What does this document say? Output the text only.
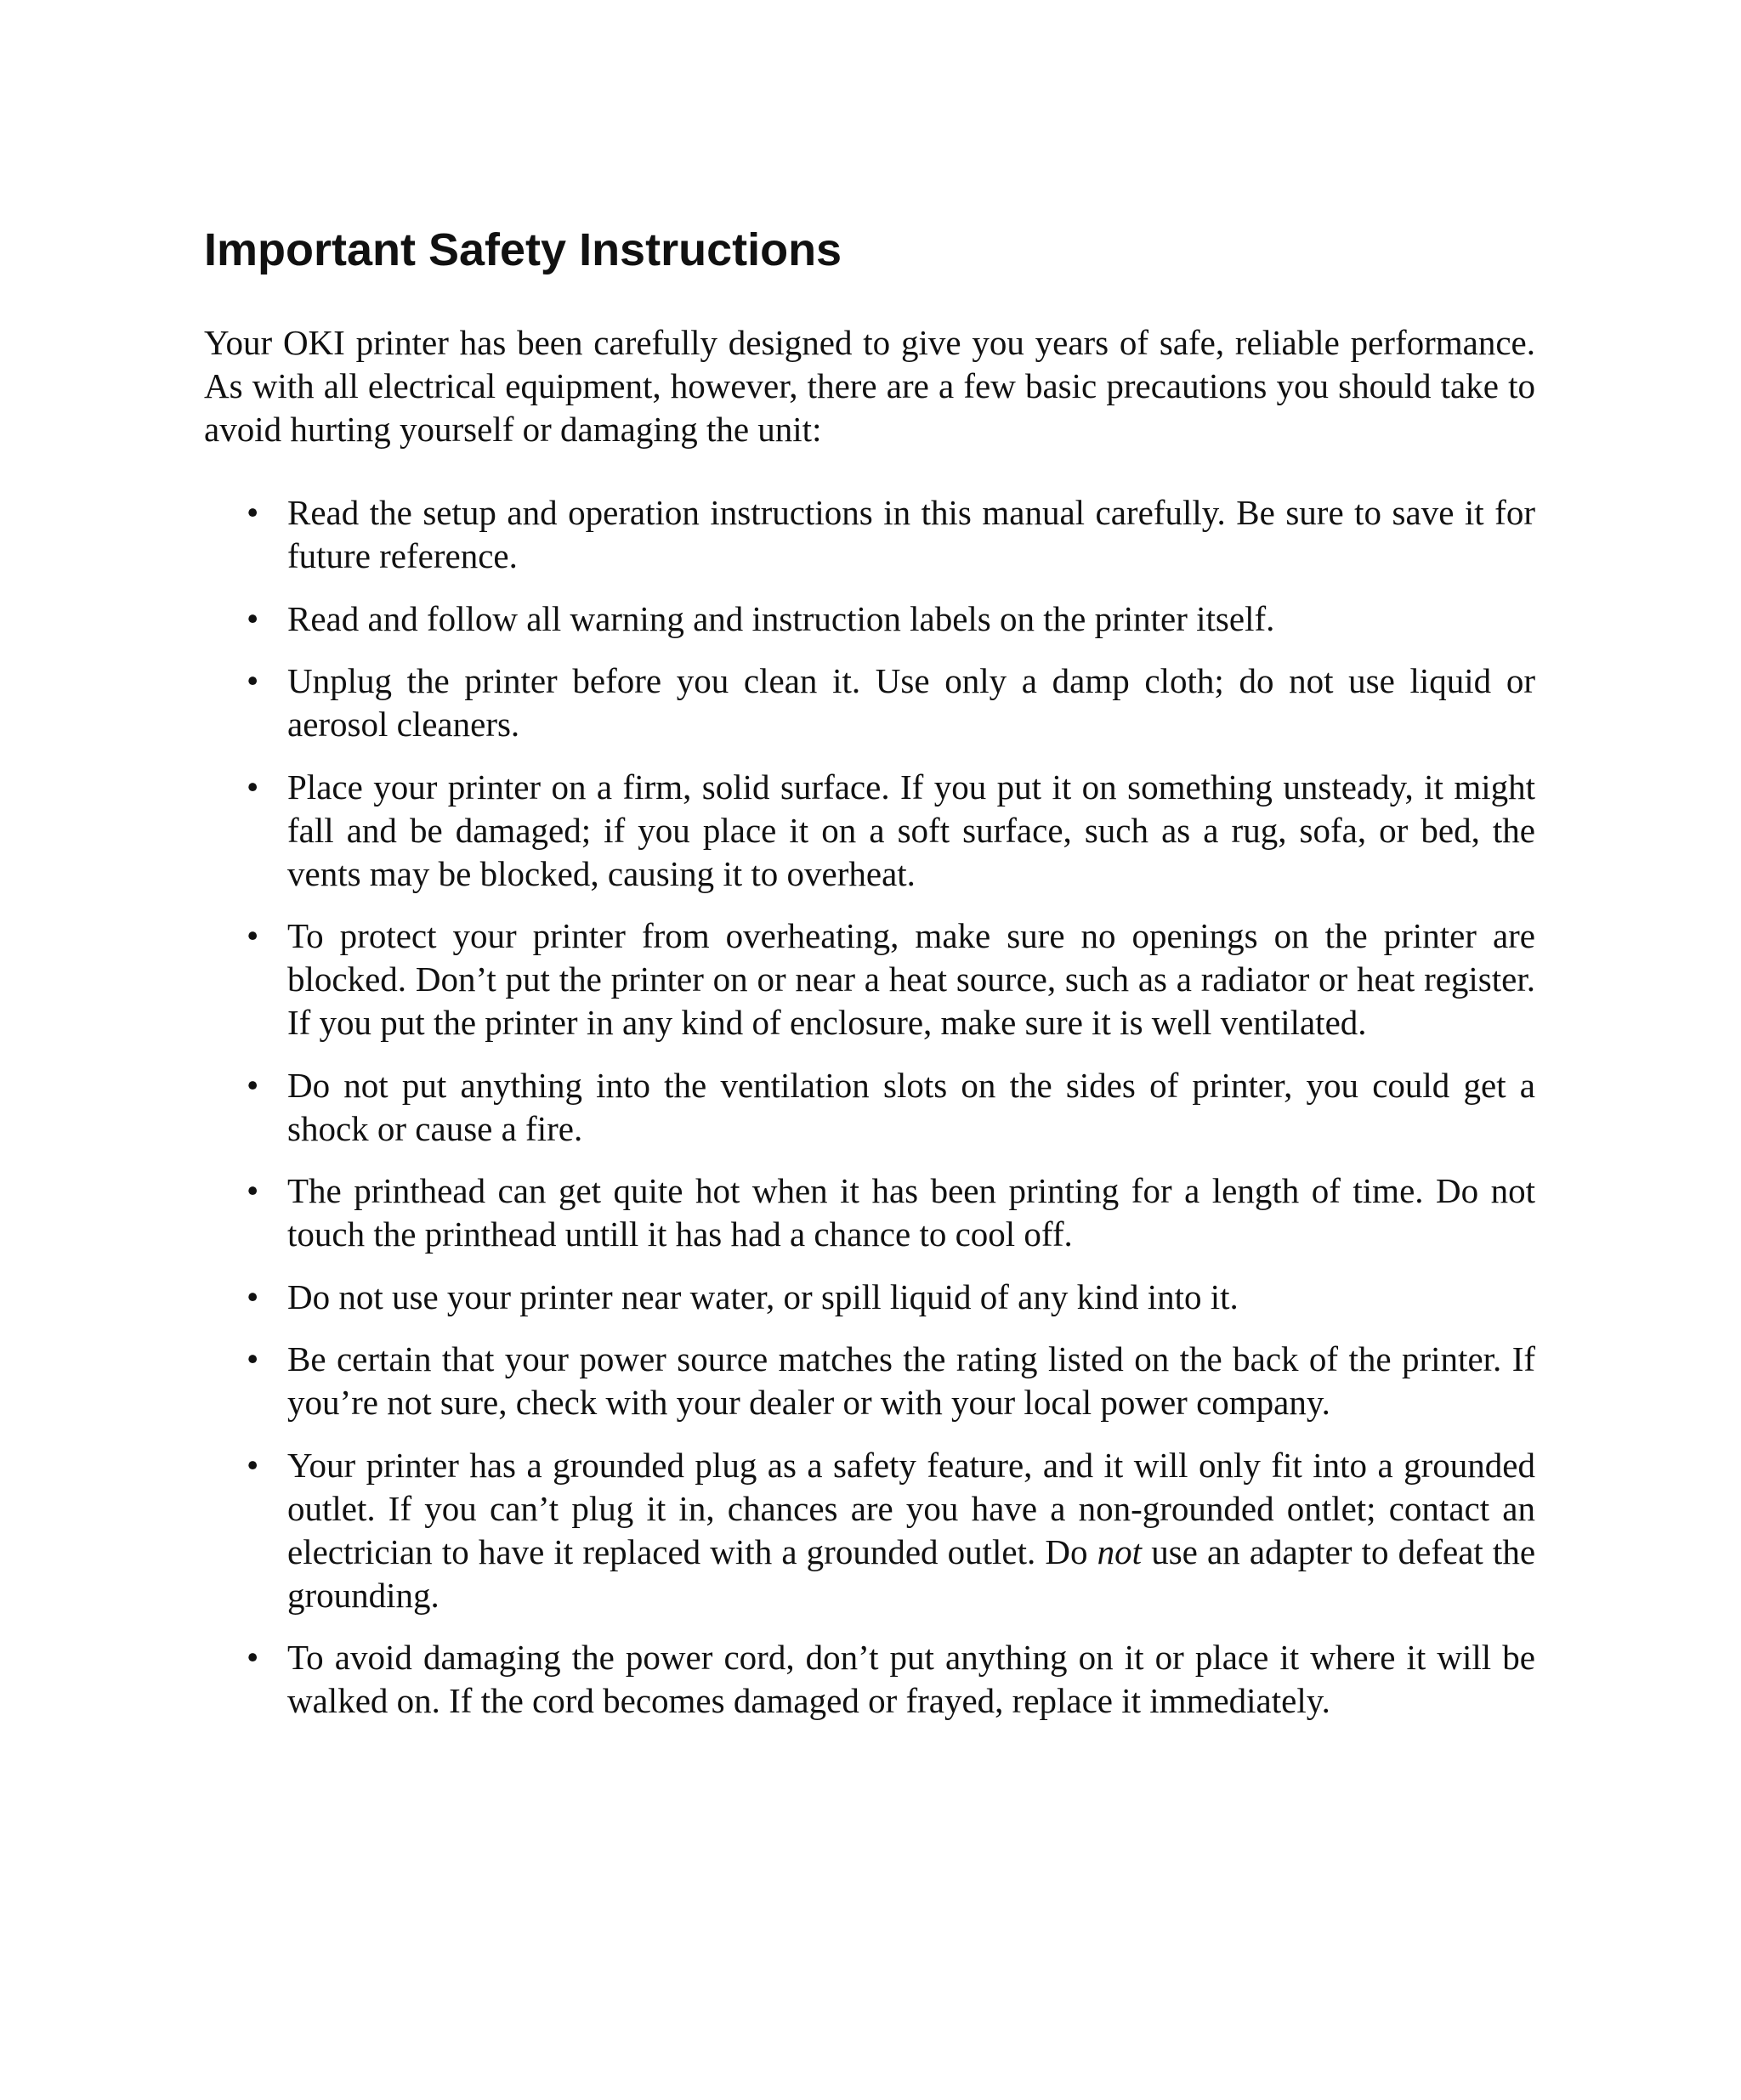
Important Safety Instructions

Your OKI printer has been carefully designed to give you years of safe, reliable performance. As with all electrical equipment, however, there are a few basic precautions you should take to avoid hurting yourself or damaging the unit:

• Read the setup and operation instructions in this manual carefully. Be sure to save it for future reference.
• Read and follow all warning and instruction labels on the printer itself.
• Unplug the printer before you clean it. Use only a damp cloth; do not use liquid or aerosol cleaners.
• Place your printer on a firm, solid surface. If you put it on something unsteady, it might fall and be damaged; if you place it on a soft surface, such as a rug, sofa, or bed, the vents may be blocked, causing it to overheat.
• To protect your printer from overheating, make sure no openings on the printer are blocked. Don’t put the printer on or near a heat source, such as a radiator or heat register. If you put the printer in any kind of enclosure, make sure it is well ventilated.
• Do not put anything into the ventilation slots on the sides of printer, you could get a shock or cause a fire.
• The printhead can get quite hot when it has been printing for a length of time. Do not touch the printhead untill it has had a chance to cool off.
• Do not use your printer near water, or spill liquid of any kind into it.
• Be certain that your power source matches the rating listed on the back of the printer. If you’re not sure, check with your dealer or with your local power company.
• Your printer has a grounded plug as a safety feature, and it will only fit into a grounded outlet. If you can’t plug it in, chances are you have a non-grounded ontlet; contact an electrician to have it replaced with a grounded outlet. Do not use an adapter to defeat the grounding.
• To avoid damaging the power cord, don’t put anything on it or place it where it will be walked on. If the cord becomes damaged or frayed, replace it immediately.
